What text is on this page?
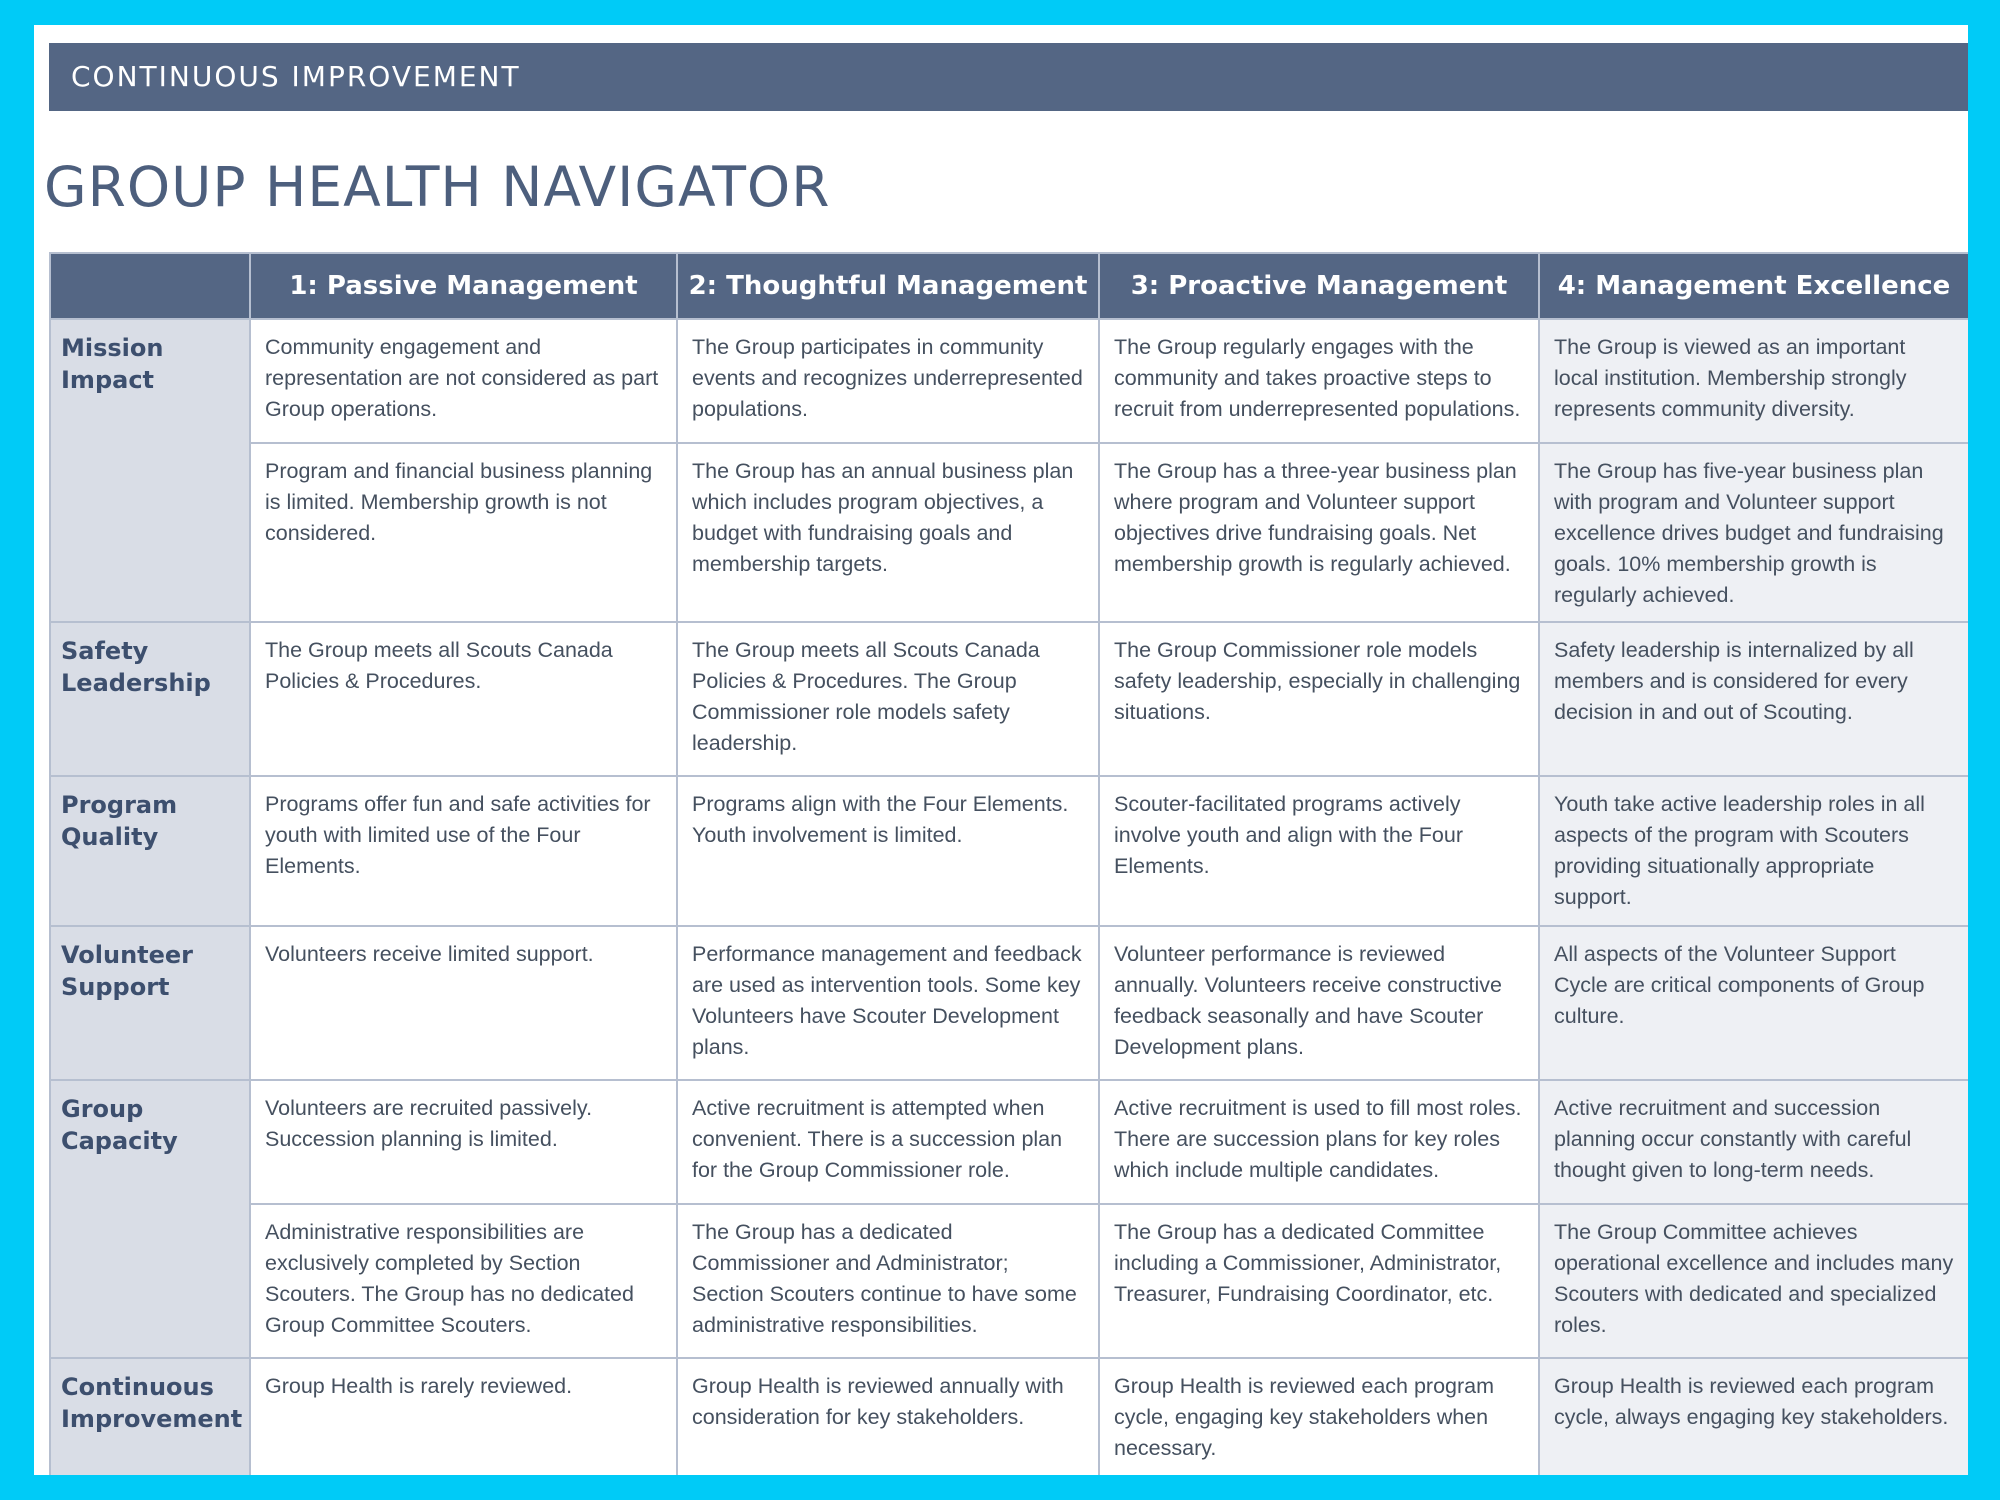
CONTINUOUS IMPROVEMENT
GROUP HEALTH NAVIGATOR
	1: Passive Management	2: Thoughtful Management	3: Proactive Management	4: Management Excellence
Mission Impact	Community engagement and representation are not considered as part Group operations.	The Group participates in community events and recognizes underrepresented populations.	The Group regularly engages with the community and takes proactive steps to recruit from underrepresented populations.	The Group is viewed as an important local institution. Membership strongly represents community diversity.
	Program and financial business planning is limited. Membership growth is not considered.	The Group has an annual business plan which includes program objectives, a budget with fundraising goals and membership targets.	The Group has a three-year business plan where program and Volunteer support objectives drive fundraising goals. Net membership growth is regularly achieved.	The Group has five-year business plan with program and Volunteer support excellence drives budget and fundraising goals. 10% membership growth is regularly achieved.
Safety Leadership	The Group meets all Scouts Canada Policies & Procedures.	The Group meets all Scouts Canada Policies & Procedures. The Group Commissioner role models safety leadership.	The Group Commissioner role models safety leadership, especially in challenging situations.	Safety leadership is internalized by all members and is considered for every decision in and out of Scouting.
Program Quality	Programs offer fun and safe activities for youth with limited use of the Four Elements.	Programs align with the Four Elements. Youth involvement is limited.	Scouter-facilitated programs actively involve youth and align with the Four Elements.	Youth take active leadership roles in all aspects of the program with Scouters providing situationally appropriate support.
Volunteer Support	Volunteers receive limited support.	Performance management and feedback are used as intervention tools. Some key Volunteers have Scouter Development plans.	Volunteer performance is reviewed annually. Volunteers receive constructive feedback seasonally and have Scouter Development plans.	All aspects of the Volunteer Support Cycle are critical components of Group culture.
Group Capacity	Volunteers are recruited passively. Succession planning is limited.	Active recruitment is attempted when convenient. There is a succession plan for the Group Commissioner role.	Active recruitment is used to fill most roles. There are succession plans for key roles which include multiple candidates.	Active recruitment and succession planning occur constantly with careful thought given to long-term needs.
	Administrative responsibilities are exclusively completed by Section Scouters. The Group has no dedicated Group Committee Scouters.	The Group has a dedicated Commissioner and Administrator; Section Scouters continue to have some administrative responsibilities.	The Group has a dedicated Committee including a Commissioner, Administrator, Treasurer, Fundraising Coordinator, etc.	The Group Committee achieves operational excellence and includes many Scouters with dedicated and specialized roles.
Continuous Improvement	Group Health is rarely reviewed.	Group Health is reviewed annually with consideration for key stakeholders.	Group Health is reviewed each program cycle, engaging key stakeholders when necessary.	Group Health is reviewed each program cycle, always engaging key stakeholders.
